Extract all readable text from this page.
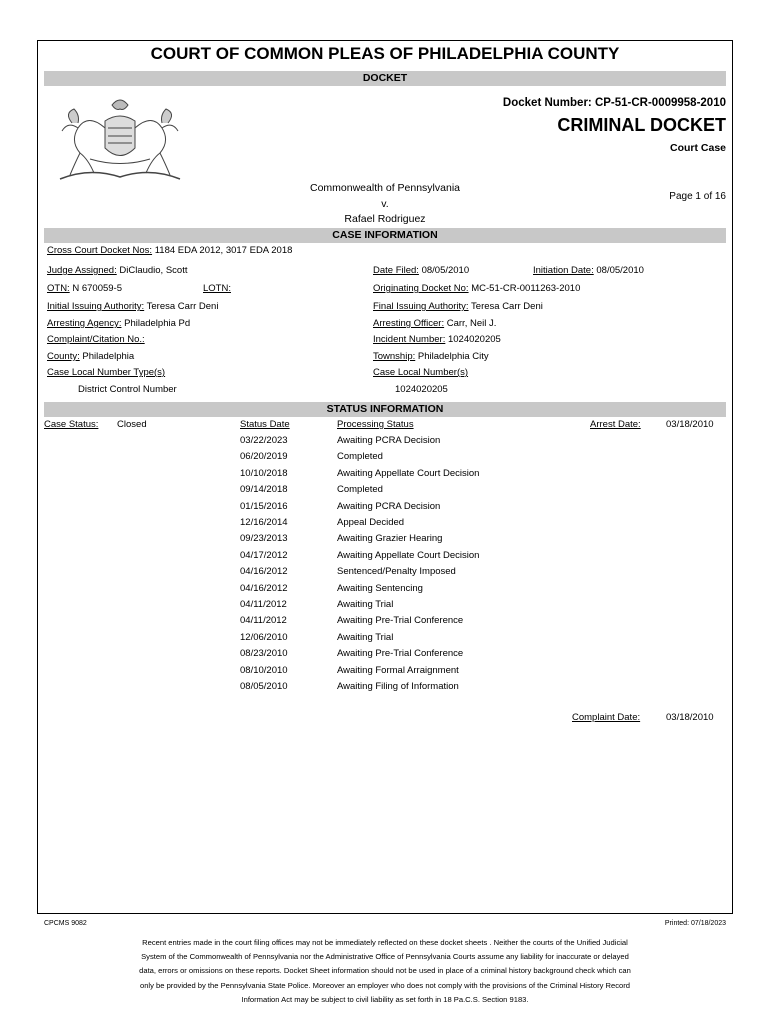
COURT OF COMMON PLEAS OF PHILADELPHIA COUNTY
DOCKET
Docket Number: CP-51-CR-0009958-2010
CRIMINAL DOCKET
Court Case
Commonwealth of Pennsylvania
v.
Rafael Rodriguez
Page 1 of 16
CASE INFORMATION
Cross Court Docket Nos: 1184 EDA 2012, 3017 EDA 2018
Judge Assigned: DiClaudio, Scott	Date Filed: 08/05/2010	Initiation Date: 08/05/2010
OTN: N 670059-5	LOTN:	Originating Docket No: MC-51-CR-0011263-2010
Initial Issuing Authority: Teresa Carr Deni	Final Issuing Authority: Teresa Carr Deni
Arresting Agency: Philadelphia Pd	Arresting Officer: Carr, Neil J.
Complaint/Citation No.:	Incident Number: 1024020205
County: Philadelphia	Township: Philadelphia City
Case Local Number Type(s)	Case Local Number(s)
District Control Number	1024020205
STATUS INFORMATION
Case Status: Closed	Status Date	Processing Status	Arrest Date:	03/18/2010
03/22/2023	Awaiting PCRA Decision
06/20/2019	Completed
10/10/2018	Awaiting Appellate Court Decision
09/14/2018	Completed
01/15/2016	Awaiting PCRA Decision
12/16/2014	Appeal Decided
09/23/2013	Awaiting Grazier Hearing
04/17/2012	Awaiting Appellate Court Decision
04/16/2012	Sentenced/Penalty Imposed
04/16/2012	Awaiting Sentencing
04/11/2012	Awaiting Trial
04/11/2012	Awaiting Pre-Trial Conference
12/06/2010	Awaiting Trial
08/23/2010	Awaiting Pre-Trial Conference
08/10/2010	Awaiting Formal Arraignment
08/05/2010	Awaiting Filing of Information
Complaint Date:	03/18/2010
CPCMS 9082	Printed: 07/18/2023
Recent entries made in the court filing offices may not be immediately reflected on these docket sheets . Neither the courts of the Unified Judicial
System of the Commonwealth of Pennsylvania nor the Administrative Office of Pennsylvania Courts assume any liability for inaccurate or delayed
data, errors or omissions on these reports. Docket Sheet information should not be used in place of a criminal history background check which can
only be provided by the Pennsylvania State Police. Moreover an employer who does not comply with the provisions of the Criminal History Record
Information Act may be subject to civil liability as set forth in 18 Pa.C.S. Section 9183.
